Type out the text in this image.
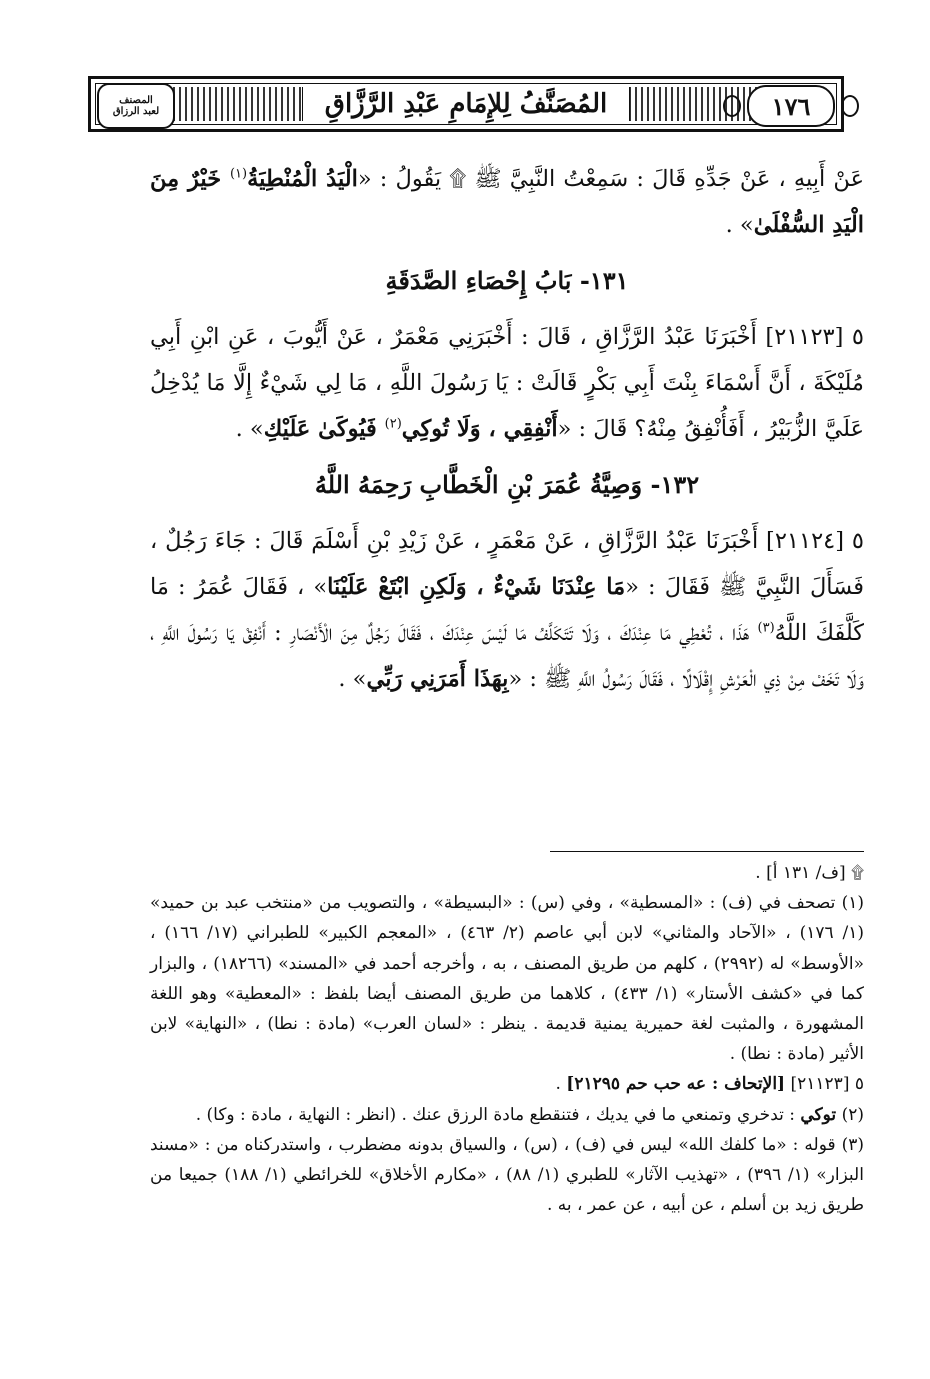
١٧٦
المُصَنَّفُ لِلإِمَامِ عَبْدِ الرَّزَّاقِ
المصنف
لعبد الرزاق

عَنْ أَبِيهِ ، عَنْ جَدِّهِ قَالَ : سَمِعْتُ النَّبِيَّ ﷺ ۩ يَقُولُ : «الْيَدُ الْمُنْطِيَةُ$^{(١)}$ خَيْرٌ مِنَ الْيَدِ السُّفْلَىٰ» .

١٣١- بَابُ إِحْصَاءِ الصَّدَقَةِ

٥ [٢١١٢٣] أَخْبَرَنَا عَبْدُ الرَّزَّاقِ ، قَالَ : أَخْبَرَنِي مَعْمَرٌ ، عَنْ أَيُّوبَ ، عَنِ ابْنِ أَبِي مُلَيْكَةَ ، أَنَّ أَسْمَاءَ بِنْتَ أَبِي بَكْرٍ قَالَتْ : يَا رَسُولَ اللَّهِ ، مَا لِي شَيْءٌ إِلَّا مَا يُدْخِلُ عَلَيَّ الزُّبَيْرُ ، أَفَأُنْفِقُ مِنْهُ؟ قَالَ : «أَنْفِقِي ، وَلَا تُوكِي$^{(٢)}$ فَيُوكَىٰ عَلَيْكِ» .

١٣٢- وَصِيَّةُ عُمَرَ بْنِ الْخَطَّابِ رَحِمَهُ اللَّهُ

٥ [٢١١٢٤] أَخْبَرَنَا عَبْدُ الرَّزَّاقِ ، عَنْ مَعْمَرٍ ، عَنْ زَيْدِ بْنِ أَسْلَمَ قَالَ : جَاءَ رَجُلٌ ، فَسَأَلَ النَّبِيَّ ﷺ فَقَالَ : «مَا عِنْدَنَا شَيْءٌ ، وَلَكِنِ ابْتَعْ عَلَيْنَا» ، فَقَالَ عُمَرُ : مَا كَلَّفَكَ اللَّهُ$^{(٣)}$ هَذَا ، تُعْطِي مَا عِنْدَكَ ، وَلَا تَتَكَلَّفُ مَا لَيْسَ عِنْدَكَ ، فَقَالَ رَجُلٌ مِنَ الْأَنْصَارِ : أَنْفِقْ يَا رَسُولَ اللَّهِ ، وَلَا تَخَفْ مِنْ ذِي الْعَرْشِ إِقْلَالًا ، فَقَالَ رَسُولُ اللَّهِ ﷺ : «بِهَذَا أَمَرَنِي رَبِّي» .

۩ [ف/ ١٣١ أ] .

(١) تصحف في (ف) : «المسطية» ، وفي (س) : «البسيطة» ، والتصويب من «منتخب عبد بن حميد» (١/ ١٧٦) ، «الآحاد والمثاني» لابن أبي عاصم (٢/ ٤٦٣) ، «المعجم الكبير» للطبراني (١٧/ ١٦٦) ، «الأوسط» له (٢٩٩٢) ، كلهم من طريق المصنف ، به ، وأخرجه أحمد في «المسند» (١٨٢٦٦) ، والبزار كما في «كشف الأستار» (١/ ٤٣٣) ، كلاهما من طريق المصنف أيضا بلفظ : «المعطية» وهو اللغة المشهورة ، والمثبت لغة حميرية يمنية قديمة . ينظر : «لسان العرب» (مادة : نطا) ، «النهاية» لابن الأثير (مادة : نطا) .

٥ [٢١١٢٣] [الإتحاف : عه حب حم ٢١٢٩٥] .

(٢) توكي : تدخري وتمنعي ما في يديك ، فتنقطع مادة الرزق عنك . (انظر : النهاية ، مادة : وكا) .

(٣) قوله : «ما كلفك الله» ليس في (ف) ، (س) ، والسياق بدونه مضطرب ، واستدركناه من : «مسند البزار» (١/ ٣٩٦) ، «تهذيب الآثار» للطبري (١/ ٨٨) ، «مكارم الأخلاق» للخرائطي (١/ ١٨٨) جميعا من طريق زيد بن أسلم ، عن أبيه ، عن عمر ، به .
